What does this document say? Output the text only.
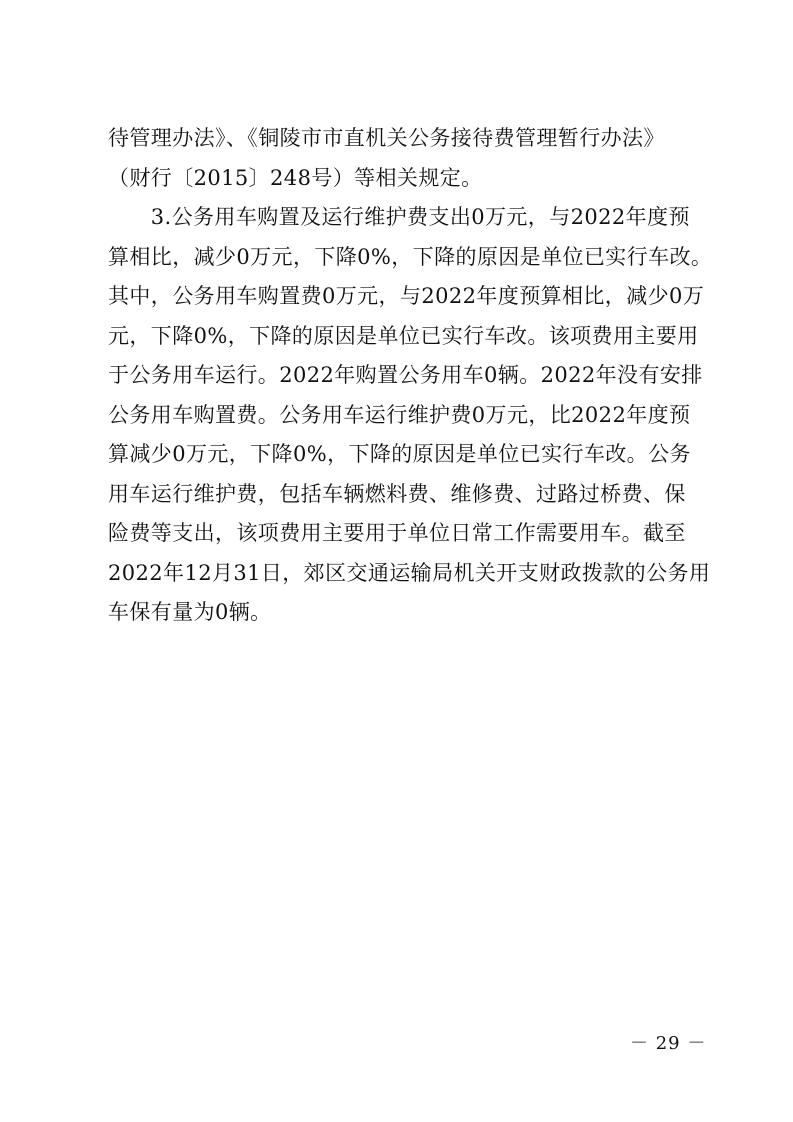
待管理办法》、《铜陵市市直机关公务接待费管理暂行办法》
（财行〔2015〕248号）等相关规定。
　　3.公务用车购置及运行维护费支出0万元，与2022年度预
算相比，减少0万元，下降0%，下降的原因是单位已实行车改。
其中，公务用车购置费0万元，与2022年度预算相比，减少0万
元，下降0%，下降的原因是单位已实行车改。该项费用主要用
于公务用车运行。2022年购置公务用车0辆。2022年没有安排
公务用车购置费。公务用车运行维护费0万元，比2022年度预
算减少0万元，下降0%，下降的原因是单位已实行车改。公务
用车运行维护费，包括车辆燃料费、维修费、过路过桥费、保
险费等支出，该项费用主要用于单位日常工作需要用车。截至
2022年12月31日，郊区交通运输局机关开支财政拨款的公务用
车保有量为0辆。
－ 29 －
